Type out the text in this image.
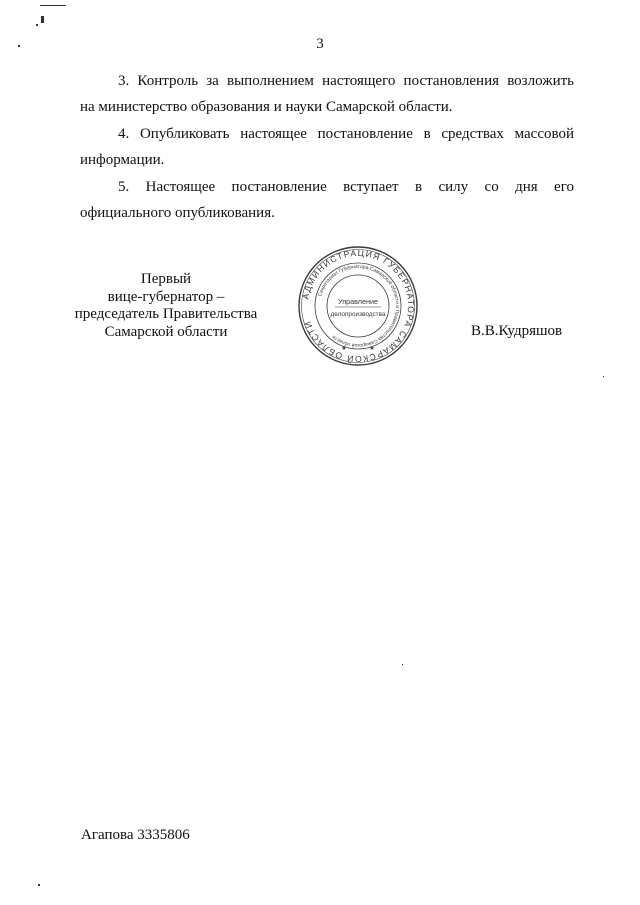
3
3. Контроль за выполнением настоящего постановления возложить
на министерство образования и науки Самарской области.
4. Опубликовать настоящее постановление в средствах массовой
информации.
5. Настоящее постановление вступает в силу со дня его
официального опубликования.
Первый
вице-губернатор –
председатель Правительства
Самарской области
АДМИНИСТРАЦИЯ ГУБЕРНАТОРА САМАРСКОЙ ОБЛАСТИ
Секретариат Губернатора Самарской области и Правительства Самарской области
Управление
делопроизводства
★	★
В.В.Кудряшов
Агапова 3335806
